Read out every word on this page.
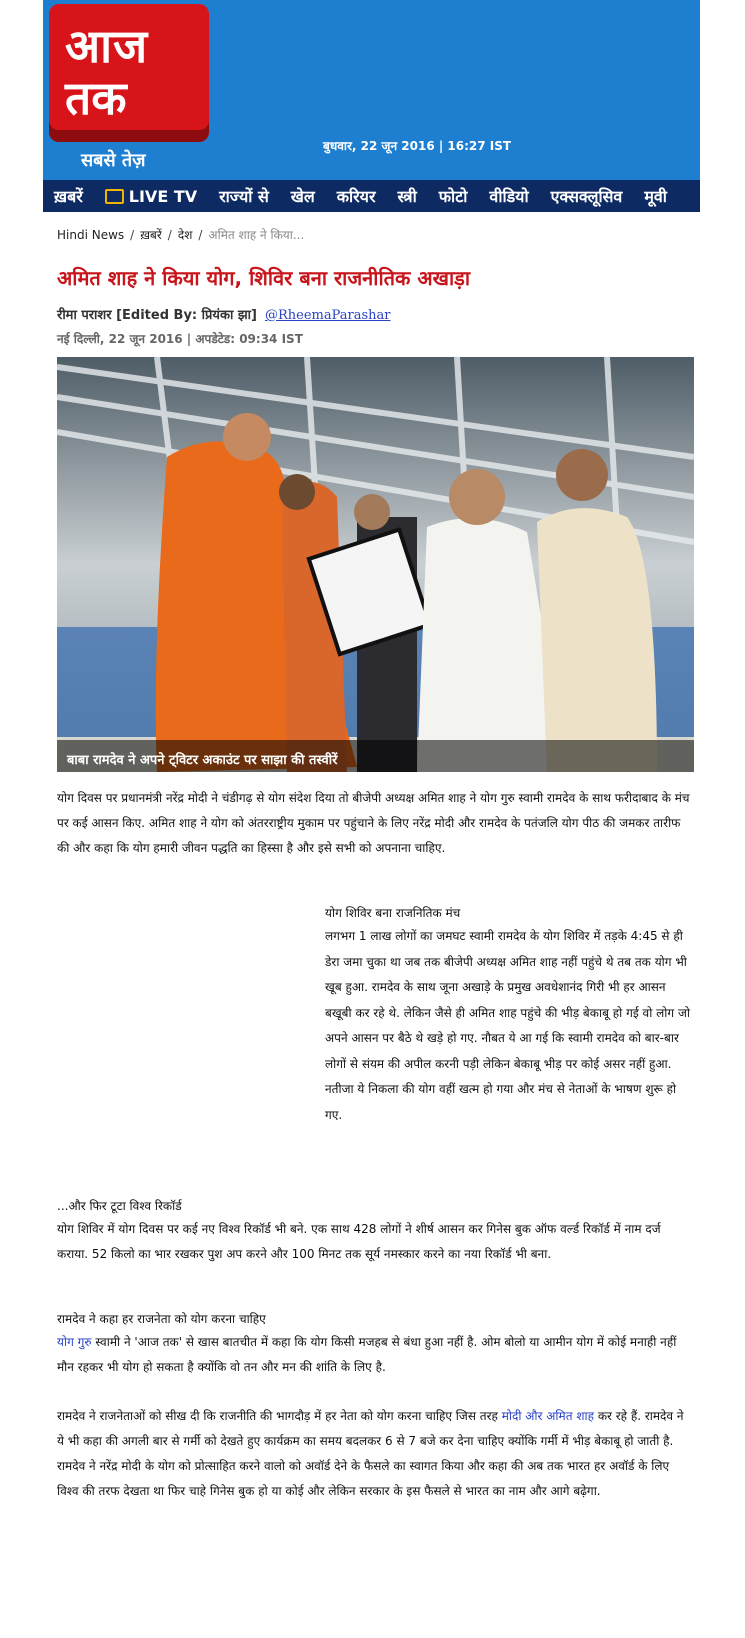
आज
तक
सबसे तेज़
बुधवार, 22 जून 2016 | 16:27 IST
ख़बरें	LIVE TV	राज्यों से	खेल	करियर	स्त्री	फोटो	वीडियो	एक्सक्लूसिव	मूवी
Hindi News / ख़बरें / देश / अमित शाह ने किया...
अमित शाह ने किया योग, शिविर बना राजनीतिक अखाड़ा
रीमा पराशर [Edited By: प्रियंका झा] @RheemaParashar
नई दिल्ली, 22 जून 2016 | अपडेटेड: 09:34 IST
बाबा रामदेव ने अपने ट्विटर अकाउंट पर साझा की तस्वीरें

योग दिवस पर प्रधानमंत्री नरेंद्र मोदी ने चंडीगढ़ से योग संदेश दिया तो बीजेपी अध्यक्ष अमित शाह ने योग गुरु स्वामी रामदेव के साथ फरीदाबाद के मंच पर कई आसन किए. अमित शाह ने योग को अंतरराष्ट्रीय मुकाम पर पहुंचाने के लिए नरेंद्र मोदी और रामदेव के पतंजलि योग पीठ की जमकर तारीफ की और कहा कि योग हमारी जीवन पद्धति का हिस्सा है और इसे सभी को अपनाना चाहिए.

योग शिविर बना राजनितिक मंच
लगभग 1 लाख लोगों का जमघट स्वामी रामदेव के योग शिविर में तड़के 4:45 से ही डेरा जमा चुका था जब तक बीजेपी अध्यक्ष अमित शाह नहीं पहुंचे थे तब तक योग भी खूब हुआ. रामदेव के साथ जूना अखाड़े के प्रमुख अवधेशानंद गिरी भी हर आसन बखूबी कर रहे थे. लेकिन जैसे ही अमित शाह पहुंचे की भीड़ बेकाबू हो गई वो लोग जो अपने आसन पर बैठे थे खड़े हो गए. नौबत ये आ गई कि स्वामी रामदेव को बार-बार लोगों से संयम की अपील करनी पड़ी लेकिन बेकाबू भीड़ पर कोई असर नहीं हुआ. नतीजा ये निकला की योग वहीं खत्म हो गया और मंच से नेताओं के भाषण शुरू हो गए.
...और फिर टूटा विश्व रिकॉर्ड

योग शिविर में योग दिवस पर कई नए विश्व रिकॉर्ड भी बने. एक साथ 428 लोगों ने शीर्ष आसन कर गिनेस बुक ऑफ वर्ल्ड रिकॉर्ड में नाम दर्ज कराया. 52 किलो का भार रखकर पुश अप करने और 100 मिनट तक सूर्य नमस्कार करने का नया रिकॉर्ड भी बना.

रामदेव ने कहा हर राजनेता को योग करना चाहिए

योग गुरु स्वामी ने 'आज तक' से खास बातचीत में कहा कि योग किसी मजहब से बंधा हुआ नहीं है. ओम बोलो या आमीन योग में कोई मनाही नहीं मौन रहकर भी योग हो सकता है क्योंकि वो तन और मन की शांति के लिए है.

रामदेव ने राजनेताओं को सीख दी कि राजनीति की भागदौड़ में हर नेता को योग करना चाहिए जिस तरह मोदी और अमित शाह कर रहे हैं. रामदेव ने ये भी कहा की अगली बार से गर्मी को देखते हुए कार्यक्रम का समय बदलकर 6 से 7 बजे कर देना चाहिए क्योंकि गर्मी में भीड़ बेकाबू हो जाती है. रामदेव ने नरेंद्र मोदी के योग को प्रोत्साहित करने वालो को अवॉर्ड देने के फैसले का स्वागत किया और कहा की अब तक भारत हर अवॉर्ड के लिए विश्व की तरफ देखता था फिर चाहे गिनेस बुक हो या कोई और लेकिन सरकार के इस फैसले से भारत का नाम और आगे बढ़ेगा.
